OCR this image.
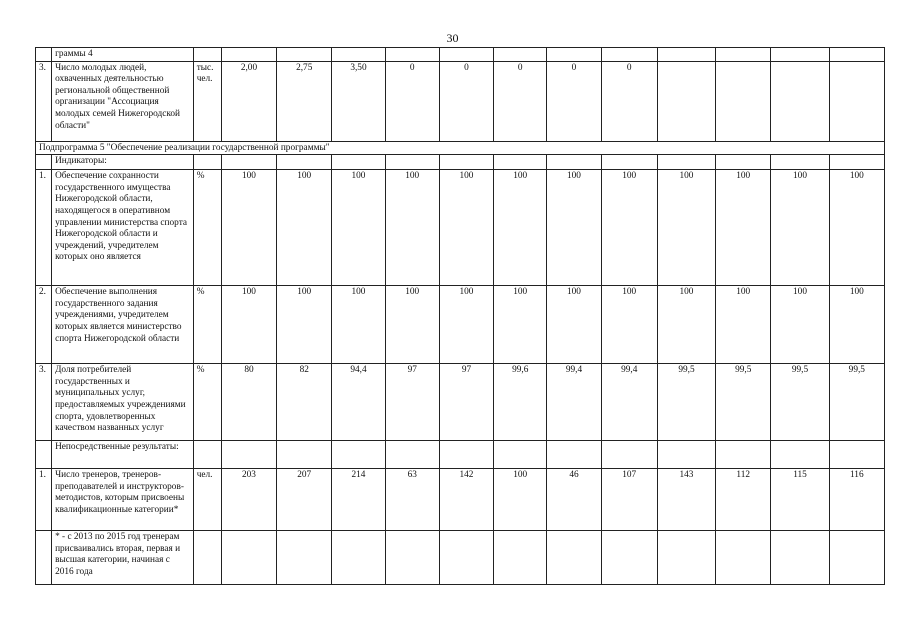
30
	граммы 4													
3.	Число молодых людей, охваченных деятельностью региональной общественной организации "Ассоциация молодых семей Нижегородской области"	тыс. чел.	2,00	2,75	3,50	0	0	0	0	0				
Подпрограмма 5 "Обеспечение реализации государственной программы"														
	Индикаторы:													
1.	Обеспечение сохранности государственного имущества Нижегородской области, находящегося в оперативном управлении министерства спорта Нижегородской области и учреждений, учредителем которых оно является	%	100	100	100	100	100	100	100	100	100	100	100	100
2.	Обеспечение выполнения государственного задания учреждениями, учредителем которых является министерство спорта Нижегородской области	%	100	100	100	100	100	100	100	100	100	100	100	100
3.	Доля потребителей государственных и муниципальных услуг, предоставляемых учреждениями спорта, удовлетворенных качеством названных услуг	%	80	82	94,4	97	97	99,6	99,4	99,4	99,5	99,5	99,5	99,5
	Непосредственные результаты:													
1.	Число тренеров, тренеров-преподавателей и инструкторов-методистов, которым присвоены квалификационные категории*	чел.	203	207	214	63	142	100	46	107	143	112	115	116
	* - с 2013 по 2015 год тренерам присваивались вторая, первая и высшая категории, начиная с 2016 года													
